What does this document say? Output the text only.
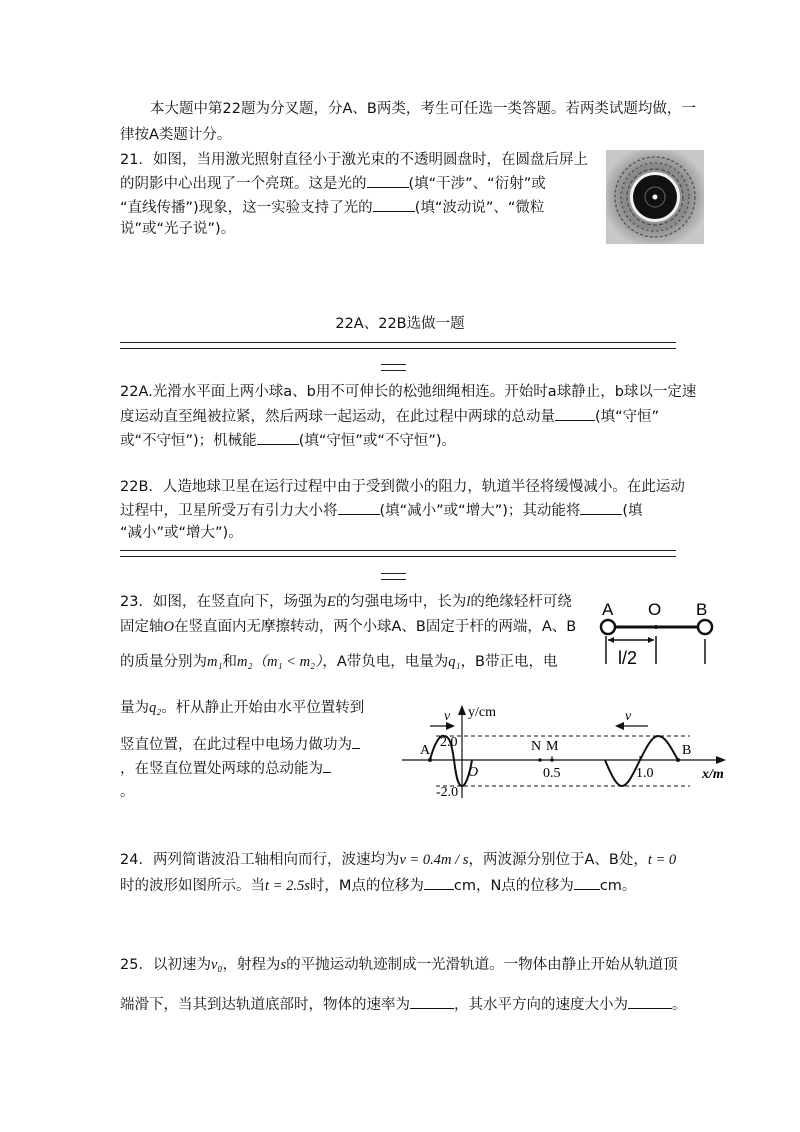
本大题中第22题为分叉题，分A、B两类，考生可任选一类答题。若两类试题均做，一
律按A类题计分。
21．如图，当用激光照射直径小于激光束的不透明圆盘时，在圆盘后屏上
的阴影中心出现了一个亮斑。这是光的	(填“干涉”、“衍射”或
“直线传播”)现象，这一实验支持了光的	(填“波动说”、“微粒
说”或“光子说”)。
22A、22B选做一题
22A.光滑水平面上两小球a、b用不可伸长的松弛细绳相连。开始时a球静止，b球以一定速
度运动直至绳被拉紧，然后两球一起运动，在此过程中两球的总动量	(填“守恒”
或“不守恒”)；机械能	(填“守恒”或“不守恒”)。
22B．人造地球卫星在运行过程中由于受到微小的阻力，轨道半径将缓慢减小。在此运动
过程中，卫星所受万有引力大小将	(填“减小”或“增大”)；其动能将	(填
“减小”或“增大”)。
23．如图，在竖直向下，场强为E的匀强电场中，长为l的绝缘轻杆可绕
固定轴O在竖直面内无摩擦转动，两个小球A、B固定于杆的两端，A、B
的质量分别为m₁和m₂（m₁ < m₂），A带负电，电量为q₁，B带正电，电
量为q₂。杆从静止开始由水平位置转到
竖直位置，在此过程中电场力做功为
，在竖直位置处两球的总动能为
。
A O B
l/2
v	v
y/cm
2.0
-2.0
A	B
N M
O	0.5	1.0	x/m
24．两列简谐波沿工轴相向而行，波速均为v = 0.4m / s，两波源分别位于A、B处，t = 0
时的波形如图所示。当t = 2.5s时，M点的位移为 cm，N点的位移为 cm。
25．以初速为v₀，射程为s的平抛运动轨迹制成一光滑轨道。一物体由静止开始从轨道顶
端滑下，当其到达轨道底部时，物体的速率为	，其水平方向的速度大小为	。
